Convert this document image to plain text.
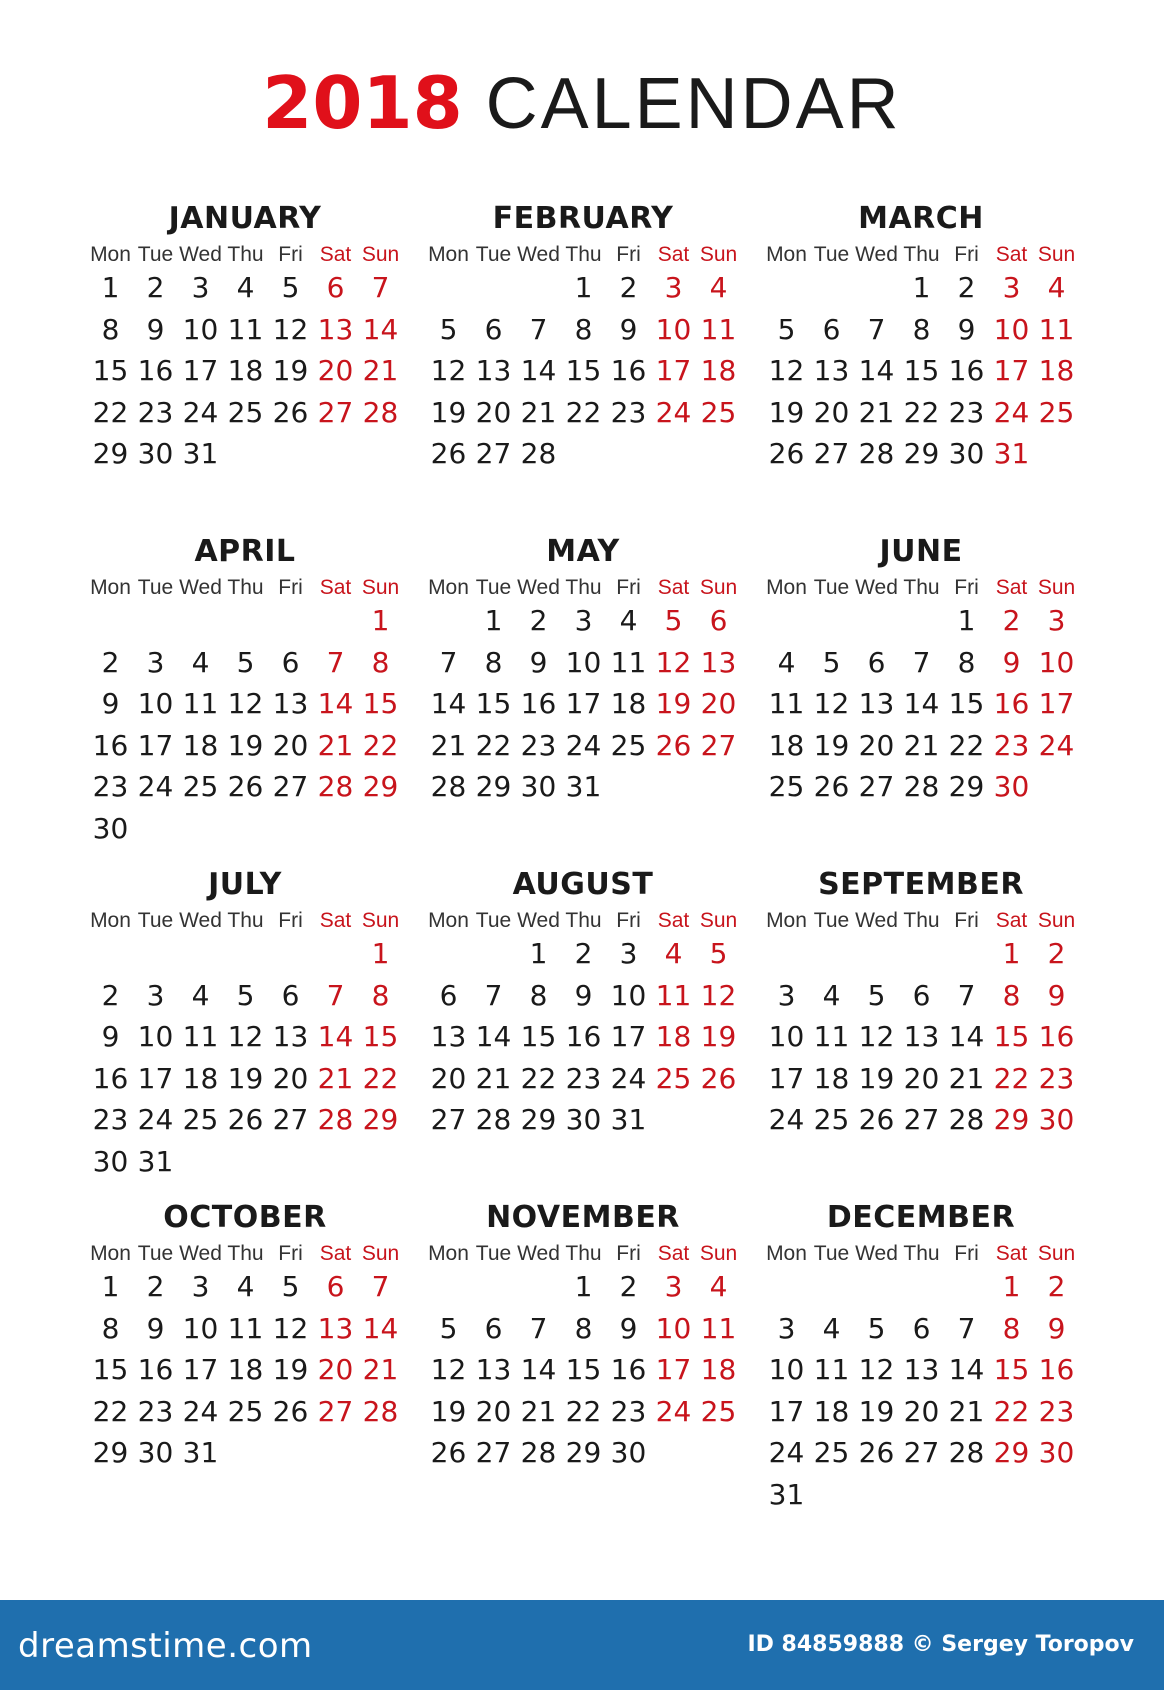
2018 CALENDAR
JANUARY
Mon Tue Wed Thu Fri Sat Sun
1 2 3 4 5 6 7
8 9 10 11 12 13 14
15 16 17 18 19 20 21
22 23 24 25 26 27 28
29 30 31
FEBRUARY
Mon Tue Wed Thu Fri Sat Sun
1 2 3 4
5 6 7 8 9 10 11
12 13 14 15 16 17 18
19 20 21 22 23 24 25
26 27 28
MARCH
Mon Tue Wed Thu Fri Sat Sun
1 2 3 4
5 6 7 8 9 10 11
12 13 14 15 16 17 18
19 20 21 22 23 24 25
26 27 28 29 30 31
APRIL
Mon Tue Wed Thu Fri Sat Sun
1
2 3 4 5 6 7 8
9 10 11 12 13 14 15
16 17 18 19 20 21 22
23 24 25 26 27 28 29
30
MAY
Mon Tue Wed Thu Fri Sat Sun
1 2 3 4 5 6
7 8 9 10 11 12 13
14 15 16 17 18 19 20
21 22 23 24 25 26 27
28 29 30 31
JUNE
Mon Tue Wed Thu Fri Sat Sun
1 2 3
4 5 6 7 8 9 10
11 12 13 14 15 16 17
18 19 20 21 22 23 24
25 26 27 28 29 30
JULY
Mon Tue Wed Thu Fri Sat Sun
1
2 3 4 5 6 7 8
9 10 11 12 13 14 15
16 17 18 19 20 21 22
23 24 25 26 27 28 29
30 31
AUGUST
Mon Tue Wed Thu Fri Sat Sun
1 2 3 4 5
6 7 8 9 10 11 12
13 14 15 16 17 18 19
20 21 22 23 24 25 26
27 28 29 30 31
SEPTEMBER
Mon Tue Wed Thu Fri Sat Sun
1 2
3 4 5 6 7 8 9
10 11 12 13 14 15 16
17 18 19 20 21 22 23
24 25 26 27 28 29 30
OCTOBER
Mon Tue Wed Thu Fri Sat Sun
1 2 3 4 5 6 7
8 9 10 11 12 13 14
15 16 17 18 19 20 21
22 23 24 25 26 27 28
29 30 31
NOVEMBER
Mon Tue Wed Thu Fri Sat Sun
1 2 3 4
5 6 7 8 9 10 11
12 13 14 15 16 17 18
19 20 21 22 23 24 25
26 27 28 29 30
DECEMBER
Mon Tue Wed Thu Fri Sat Sun
1 2
3 4 5 6 7 8 9
10 11 12 13 14 15 16
17 18 19 20 21 22 23
24 25 26 27 28 29 30
31
dreamstime.com	ID 84859888 © Sergey Toropov
